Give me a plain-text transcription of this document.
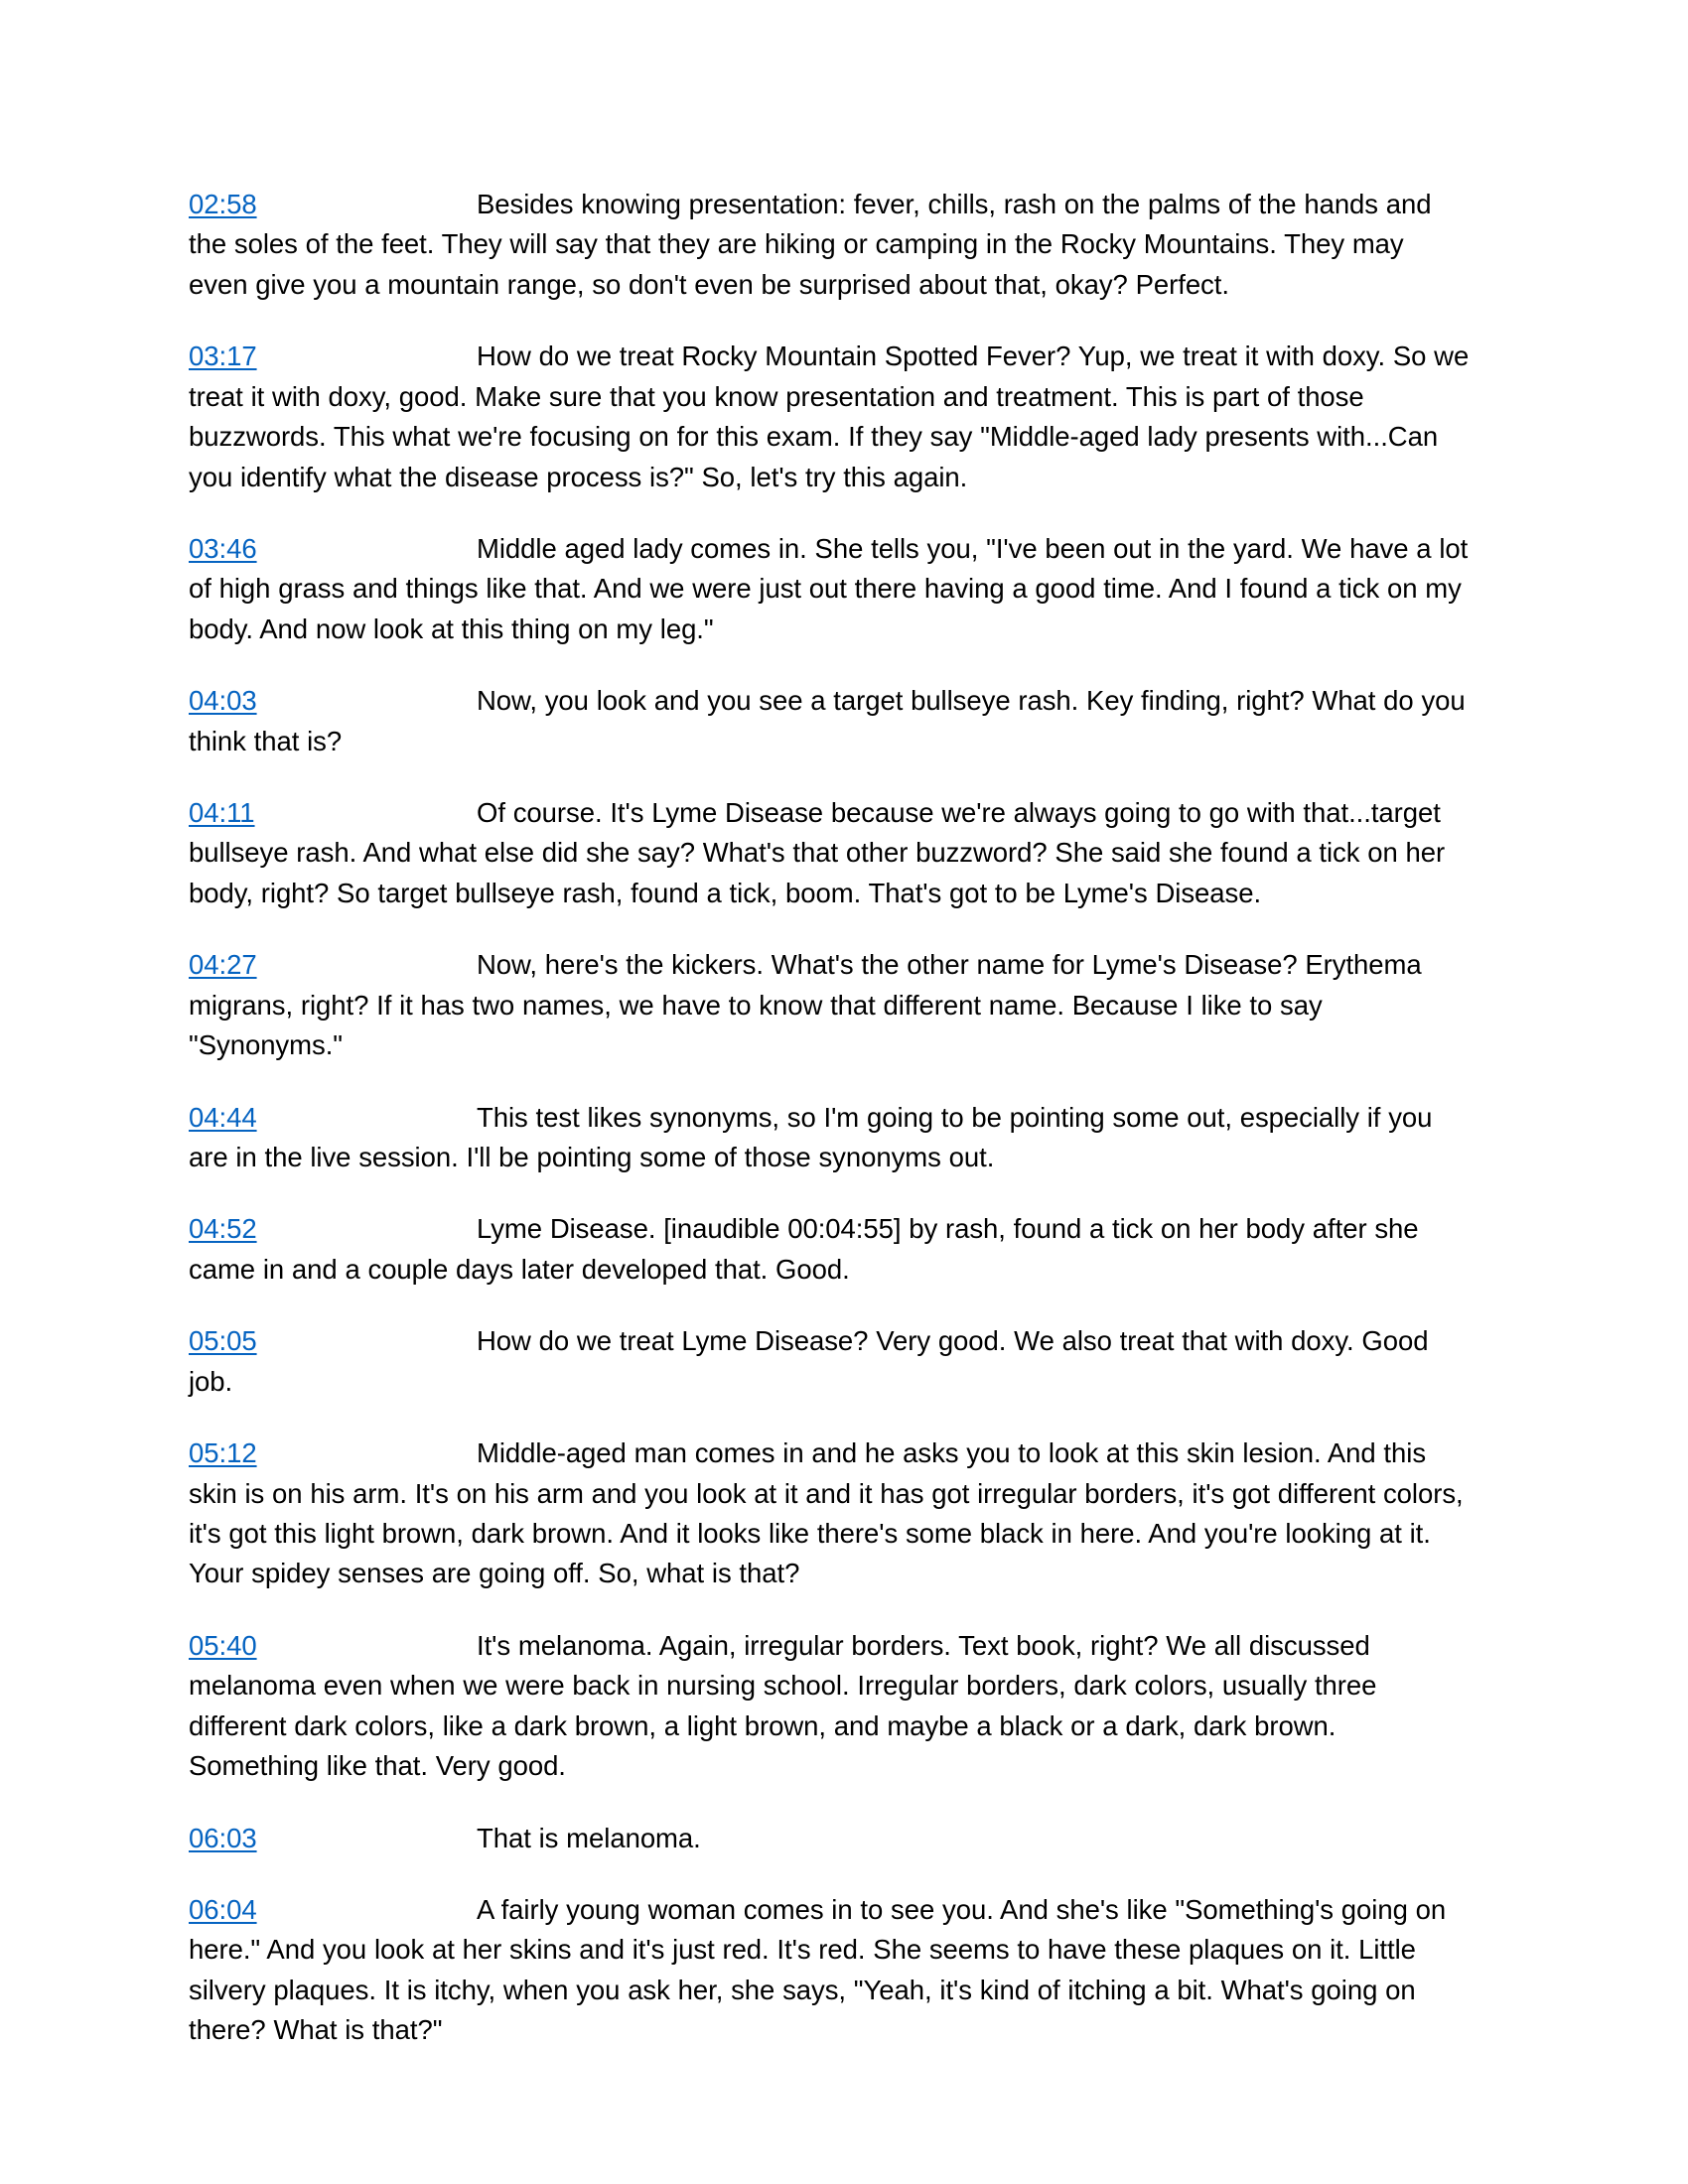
02:58	Besides knowing presentation: fever, chills, rash on the palms of the hands and the soles of the feet. They will say that they are hiking or camping in the Rocky Mountains. They may even give you a mountain range, so don't even be surprised about that, okay? Perfect.

03:17	How do we treat Rocky Mountain Spotted Fever? Yup, we treat it with doxy. So we treat it with doxy, good. Make sure that you know presentation and treatment. This is part of those buzzwords. This what we're focusing on for this exam. If they say "Middle-aged lady presents with...Can you identify what the disease process is?" So, let's try this again.

03:46	Middle aged lady comes in. She tells you, "I've been out in the yard. We have a lot of high grass and things like that. And we were just out there having a good time. And I found a tick on my body. And now look at this thing on my leg."

04:03	Now, you look and you see a target bullseye rash. Key finding, right? What do you think that is?

04:11	Of course. It's Lyme Disease because we're always going to go with that...target bullseye rash. And what else did she say? What's that other buzzword? She said she found a tick on her body, right? So target bullseye rash, found a tick, boom. That's got to be Lyme's Disease.

04:27	Now, here's the kickers. What's the other name for Lyme's Disease? Erythema migrans, right? If it has two names, we have to know that different name. Because I like to say "Synonyms."

04:44	This test likes synonyms, so I'm going to be pointing some out, especially if you are in the live session. I'll be pointing some of those synonyms out.

04:52	Lyme Disease. [inaudible 00:04:55] by rash, found a tick on her body after she came in and a couple days later developed that. Good.

05:05	How do we treat Lyme Disease? Very good. We also treat that with doxy. Good job.

05:12	Middle-aged man comes in and he asks you to look at this skin lesion. And this skin is on his arm. It's on his arm and you look at it and it has got irregular borders, it's got different colors, it's got this light brown, dark brown. And it looks like there's some black in here. And you're looking at it. Your spidey senses are going off. So, what is that?

05:40	It's melanoma. Again, irregular borders. Text book, right? We all discussed melanoma even when we were back in nursing school. Irregular borders, dark colors, usually three different dark colors, like a dark brown, a light brown, and maybe a black or a dark, dark brown. Something like that. Very good.

06:03	That is melanoma.

06:04	A fairly young woman comes in to see you. And she's like "Something's going on here." And you look at her skins and it's just red. It's red. She seems to have these plaques on it. Little silvery plaques. It is itchy, when you ask her, she says, "Yeah, it's kind of itching a bit. What's going on there? What is that?"
